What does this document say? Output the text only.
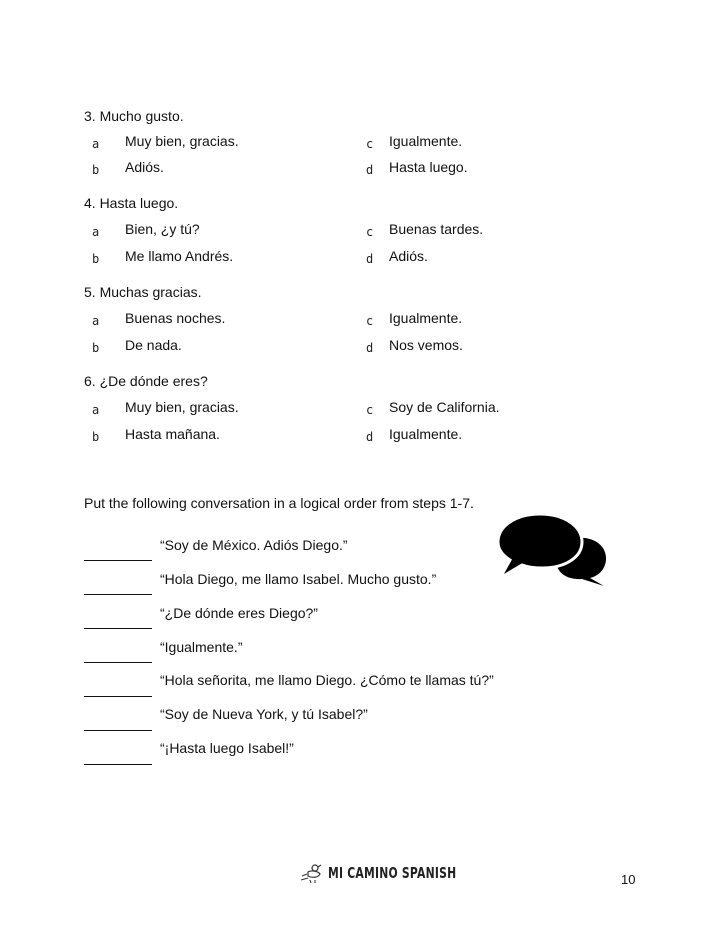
3. Mucho gusto.
a Muy bien, gracias.	c Igualmente.
b Adiós.	d Hasta luego.
4. Hasta luego.
a Bien, ¿y tú?	c Buenas tardes.
b Me llamo Andrés.	d Adiós.
5. Muchas gracias.
a Buenas noches.	c Igualmente.
b De nada.	d Nos vemos.
6. ¿De dónde eres?
a Muy bien, gracias.	c Soy de California.
b Hasta mañana.	d Igualmente.
Put the following conversation in a logical order from steps 1-7.
“Soy de México. Adiós Diego.”
“Hola Diego, me llamo Isabel. Mucho gusto.”
“¿De dónde eres Diego?”
“Igualmente.”
“Hola señorita, me llamo Diego. ¿Cómo te llamas tú?”
“Soy de Nueva York, y tú Isabel?”
“¡Hasta luego Isabel!”
MI CAMINO SPANISH	10
